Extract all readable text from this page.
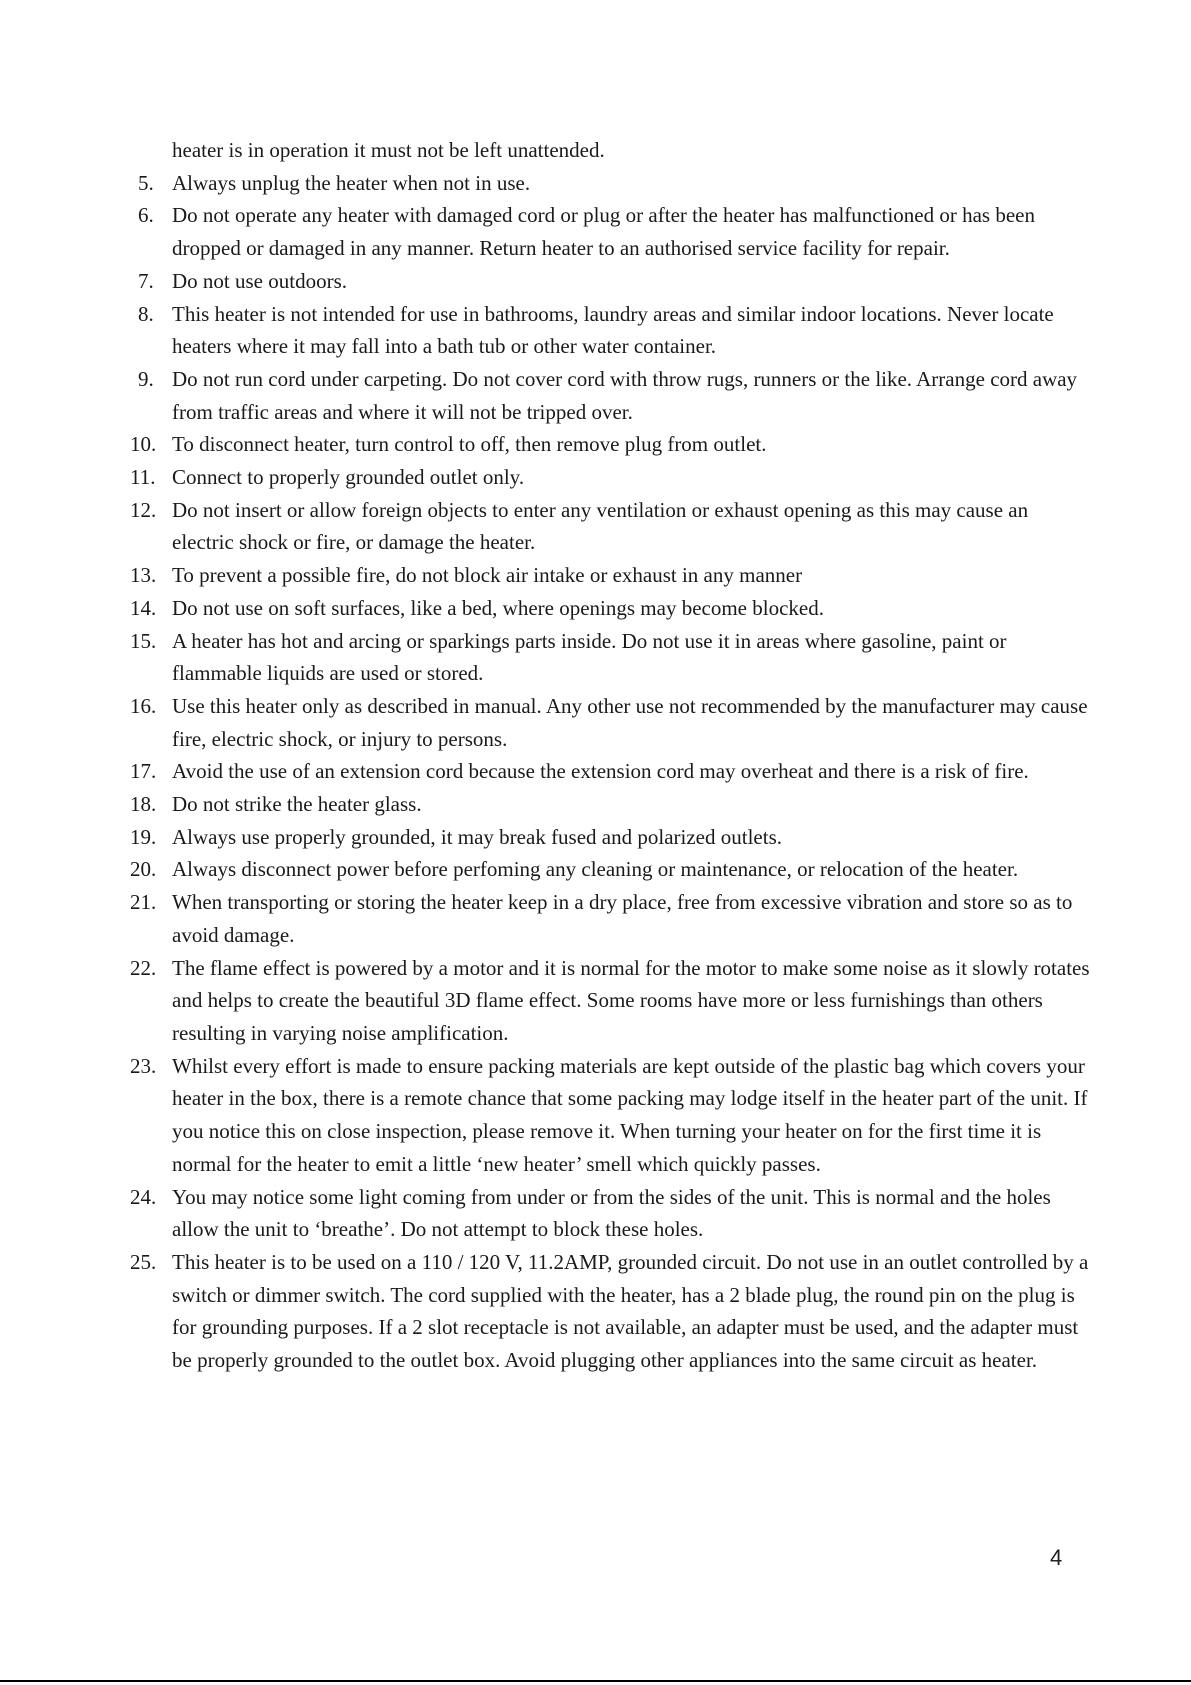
heater is in operation it must not be left unattended.
5. Always unplug the heater when not in use.
6. Do not operate any heater with damaged cord or plug or after the heater has malfunctioned or has been dropped or damaged in any manner. Return heater to an authorised service facility for repair.
7. Do not use outdoors.
8. This heater is not intended for use in bathrooms, laundry areas and similar indoor locations. Never locate heaters where it may fall into a bath tub or other water container.
9. Do not run cord under carpeting. Do not cover cord with throw rugs, runners or the like. Arrange cord away from traffic areas and where it will not be tripped over.
10. To disconnect heater, turn control to off, then remove plug from outlet.
11. Connect to properly grounded outlet only.
12. Do not insert or allow foreign objects to enter any ventilation or exhaust opening as this may cause an electric shock or fire, or damage the heater.
13. To prevent a possible fire, do not block air intake or exhaust in any manner
14. Do not use on soft surfaces, like a bed, where openings may become blocked.
15. A heater has hot and arcing or sparkings parts inside. Do not use it in areas where gasoline, paint or flammable liquids are used or stored.
16. Use this heater only as described in manual. Any other use not recommended by the manufacturer may cause fire, electric shock, or injury to persons.
17. Avoid the use of an extension cord because the extension cord may overheat and there is a risk of fire.
18. Do not strike the heater glass.
19. Always use properly grounded, it may break fused and polarized outlets.
20. Always disconnect power before perfoming any cleaning or maintenance, or relocation of the heater.
21. When transporting or storing the heater keep in a dry place, free from excessive vibration and store so as to avoid damage.
22. The flame effect is powered by a motor and it is normal for the motor to make some noise as it slowly rotates and helps to create the beautiful 3D flame effect. Some rooms have more or less furnishings than others resulting in varying noise amplification.
23. Whilst every effort is made to ensure packing materials are kept outside of the plastic bag which covers your heater in the box, there is a remote chance that some packing may lodge itself in the heater part of the unit. If you notice this on close inspection, please remove it. When turning your heater on for the first time it is normal for the heater to emit a little ‘new heater’ smell which quickly passes.
24. You may notice some light coming from under or from the sides of the unit. This is normal and the holes allow the unit to ‘breathe’. Do not attempt to block these holes.
25. This heater is to be used on a 110 / 120 V, 11.2AMP, grounded circuit. Do not use in an outlet controlled by a switch or dimmer switch. The cord supplied with the heater, has a 2 blade plug, the round pin on the plug is for grounding purposes. If a 2 slot receptacle is not available, an adapter must be used, and the adapter must be properly grounded to the outlet box. Avoid plugging other appliances into the same circuit as heater.
4
